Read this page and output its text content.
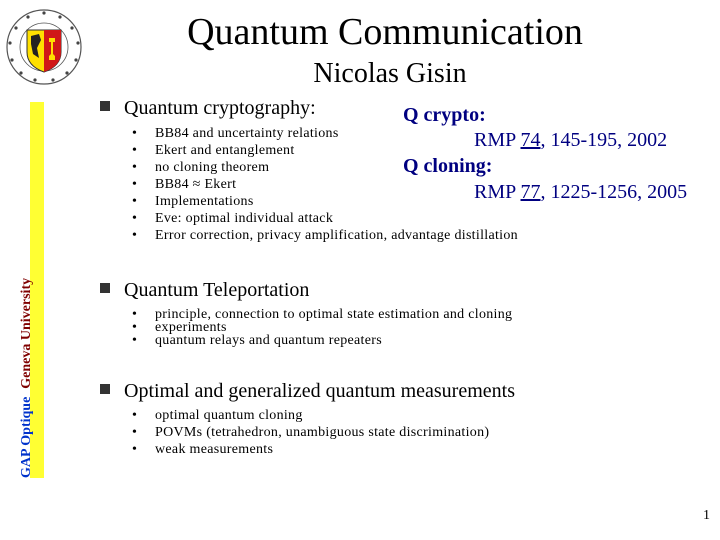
Quantum Communication
Nicolas Gisin
GAP OptiqueGeneva University
Quantum cryptography:
• BB84 and uncertainty relations
• Ekert and entanglement
• no cloning theorem
• BB84 ≈ Ekert
• Implementations
• Eve: optimal individual attack
• Error correction, privacy amplification, advantage distillation
Quantum Teleportation
• principle, connection to optimal state estimation and cloning
• experiments
• quantum relays and quantum repeaters
Optimal and generalized quantum measurements
• optimal quantum cloning
• POVMs (tetrahedron, unambiguous state discrimination)
• weak measurements
Q crypto:
RMP 74, 145-195, 2002
Q cloning:
RMP 77, 1225-1256, 2005
1
